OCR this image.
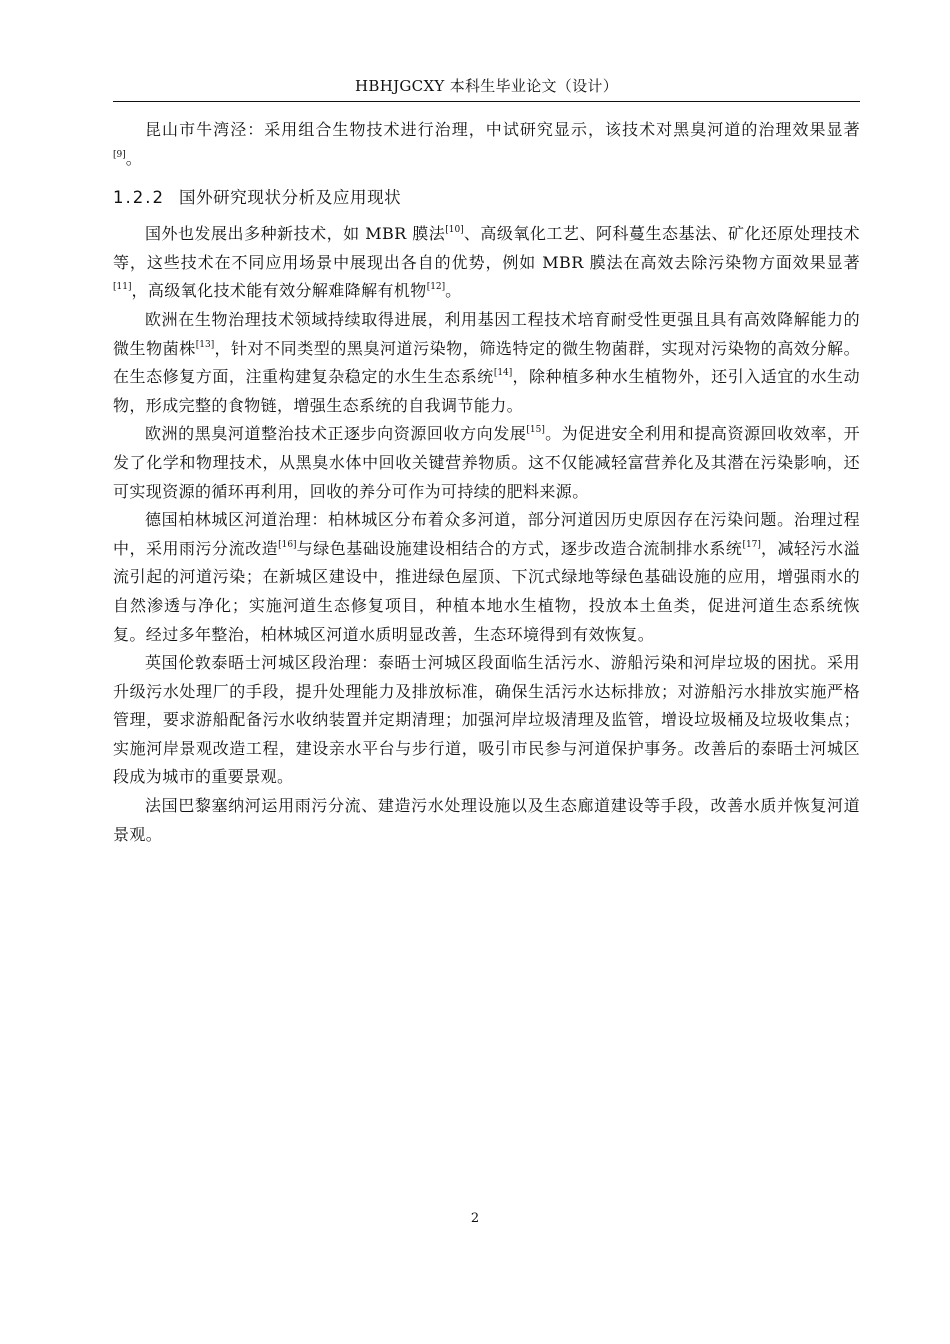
HBHJGCXY 本科生毕业论文（设计）

昆山市牛湾泾：采用组合生物技术进行治理，中试研究显示，该技术对黑臭河道的治理效果显著[9]。

1.2.2 国外研究现状分析及应用现状

国外也发展出多种新技术，如 MBR 膜法[10]、高级氧化工艺、阿科蔓生态基法、矿化还原处理技术等，这些技术在不同应用场景中展现出各自的优势，例如 MBR 膜法在高效去除污染物方面效果显著[11]，高级氧化技术能有效分解难降解有机物[12]。

欧洲在生物治理技术领域持续取得进展，利用基因工程技术培育耐受性更强且具有高效降解能力的微生物菌株[13]，针对不同类型的黑臭河道污染物，筛选特定的微生物菌群，实现对污染物的高效分解。在生态修复方面，注重构建复杂稳定的水生生态系统[14]，除种植多种水生植物外，还引入适宜的水生动物，形成完整的食物链，增强生态系统的自我调节能力。

欧洲的黑臭河道整治技术正逐步向资源回收方向发展[15]。为促进安全利用和提高资源回收效率，开发了化学和物理技术，从黑臭水体中回收关键营养物质。这不仅能减轻富营养化及其潜在污染影响，还可实现资源的循环再利用，回收的养分可作为可持续的肥料来源。

德国柏林城区河道治理：柏林城区分布着众多河道，部分河道因历史原因存在污染问题。治理过程中，采用雨污分流改造[16]与绿色基础设施建设相结合的方式，逐步改造合流制排水系统[17]，减轻污水溢流引起的河道污染；在新城区建设中，推进绿色屋顶、下沉式绿地等绿色基础设施的应用，增强雨水的自然渗透与净化；实施河道生态修复项目，种植本地水生植物，投放本土鱼类，促进河道生态系统恢复。经过多年整治，柏林城区河道水质明显改善，生态环境得到有效恢复。

英国伦敦泰晤士河城区段治理：泰晤士河城区段面临生活污水、游船污染和河岸垃圾的困扰。采用升级污水处理厂的手段，提升处理能力及排放标准，确保生活污水达标排放；对游船污水排放实施严格管理，要求游船配备污水收纳装置并定期清理；加强河岸垃圾清理及监管，增设垃圾桶及垃圾收集点；实施河岸景观改造工程，建设亲水平台与步行道，吸引市民参与河道保护事务。改善后的泰晤士河城区段成为城市的重要景观。

法国巴黎塞纳河运用雨污分流、建造污水处理设施以及生态廊道建设等手段，改善水质并恢复河道景观。

2
